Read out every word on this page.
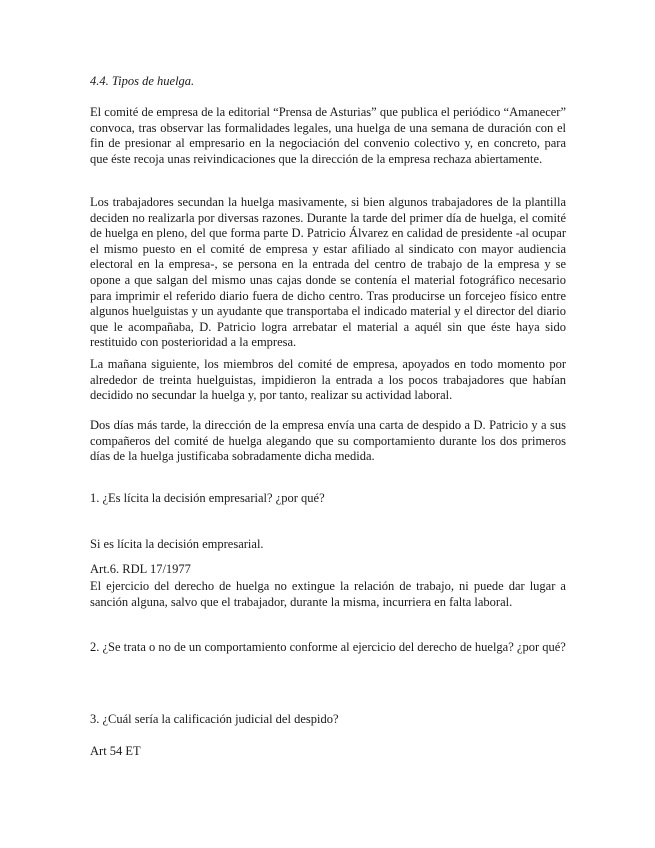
4.4. Tipos de huelga.

El comité de empresa de la editorial “Prensa de Asturias” que publica el periódico “Amanecer” convoca, tras observar las formalidades legales, una huelga de una semana de duración con el fin de presionar al empresario en la negociación del convenio colectivo y, en concreto, para que éste recoja unas reivindicaciones que la dirección de la empresa rechaza abiertamente.

Los trabajadores secundan la huelga masivamente, si bien algunos trabajadores de la plantilla deciden no realizarla por diversas razones. Durante la tarde del primer día de huelga, el comité de huelga en pleno, del que forma parte D. Patricio Álvarez en calidad de presidente -al ocupar el mismo puesto en el comité de empresa y estar afiliado al sindicato con mayor audiencia electoral en la empresa-, se persona en la entrada del centro de trabajo de la empresa y se opone a que salgan del mismo unas cajas donde se contenía el material fotográfico necesario para imprimir el referido diario fuera de dicho centro. Tras producirse un forcejeo físico entre algunos huelguistas y un ayudante que transportaba el indicado material y el director del diario que le acompañaba, D. Patricio logra arrebatar el material a aquél sin que éste haya sido restituido con posterioridad a la empresa.

La mañana siguiente, los miembros del comité de empresa, apoyados en todo momento por alrededor de treinta huelguistas, impidieron la entrada a los pocos trabajadores que habían decidido no secundar la huelga y, por tanto, realizar su actividad laboral.

Dos días más tarde, la dirección de la empresa envía una carta de despido a D. Patricio y a sus compañeros del comité de huelga alegando que su comportamiento durante los dos primeros días de la huelga justificaba sobradamente dicha medida.

1. ¿Es lícita la decisión empresarial? ¿por qué?

Si es lícita la decisión empresarial.

Art.6. RDL 17/1977

El ejercicio del derecho de huelga no extingue la relación de trabajo, ni puede dar lugar a sanción alguna, salvo que el trabajador, durante la misma, incurriera en falta laboral.

2. ¿Se trata o no de un comportamiento conforme al ejercicio del derecho de huelga? ¿por qué?

3. ¿Cuál sería la calificación judicial del despido?

Art 54 ET
